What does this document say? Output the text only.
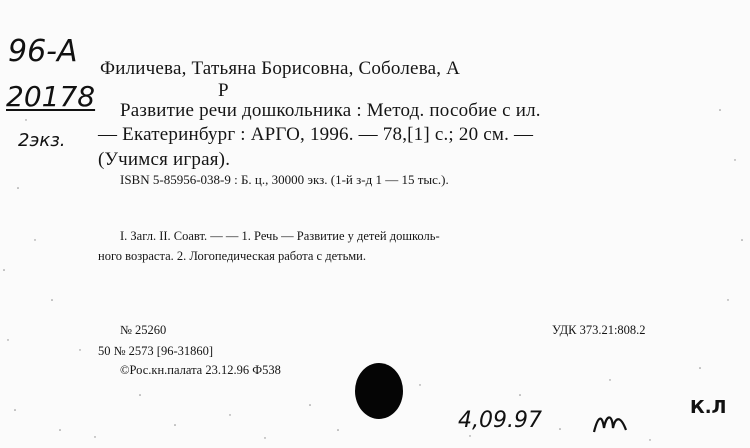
96-A
20178
2экз.
Филичева, Татьяна Борисовна, Соболева, А
Р
Развитие речи дошкольника : Метод. пособие с ил.
— Екатеринбург : АРГО, 1996. — 78,[1] с.; 20 см. —
(Учимся играя).
ISBN 5-85956-038-9 : Б. ц., 30000 экз. (1-й з-д 1 — 15 тыс.).
I. Загл. II. Соавт. — — 1. Речь — Развитие у детей дошколь-
ного возраста. 2. Логопедическая работа с детьми.
№ 25260	УДК 373.21:808.2
50 № 2573 [96-31860]
©Рос.кн.палата 23.12.96 Ф538
4,09.97
К.Л
